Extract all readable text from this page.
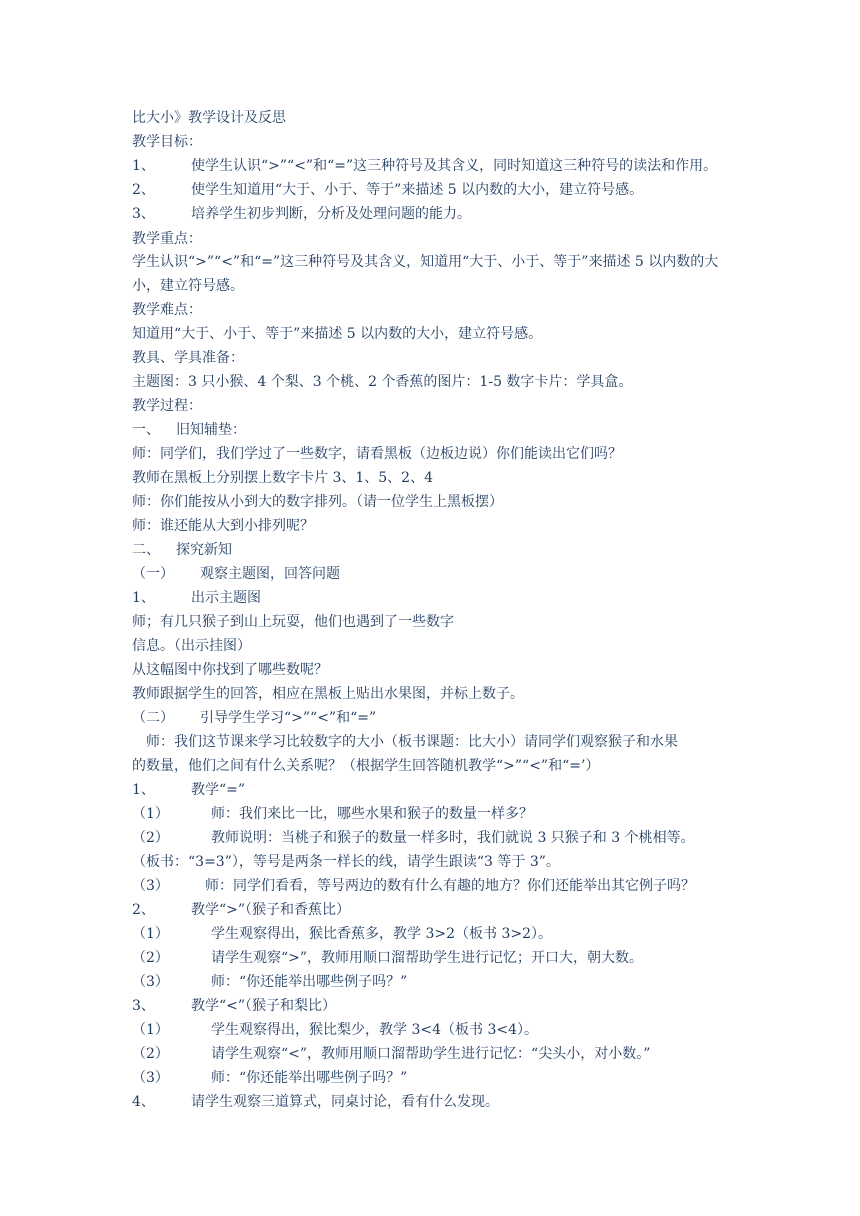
比大小》教学设计及反思
教学目标：
1、	使学生认识“>”“<”和“=”这三种符号及其含义，同时知道这三种符号的读法和作用。
2、	使学生知道用“大于、小于、等于”来描述 5 以内数的大小，建立符号感。
3、	培养学生初步判断，分析及处理问题的能力。
教学重点：
学生认识“>”“<”和“=”这三种符号及其含义，知道用“大于、小于、等于”来描述 5 以内数的大
小，建立符号感。
教学难点：
知道用“大于、小于、等于”来描述 5 以内数的大小，建立符号感。
教具、学具准备：
主题图：3 只小猴、4 个梨、3 个桃、2 个香蕉的图片：1-5 数字卡片：学具盒。
教学过程：
一、 旧知辅垫：
师：同学们，我们学过了一些数字，请看黑板（边板边说）你们能读出它们吗？
教师在黑板上分别摆上数字卡片 3、1、5、2、4
师：你们能按从小到大的数字排列。（请一位学生上黑板摆）
师：谁还能从大到小排列呢？
二、 探究新知
（一） 观察主题图，回答问题
1、	出示主题图
师；有几只猴子到山上玩耍，他们也遇到了一些数字
信息。（出示挂图）
从这幅图中你找到了哪些数呢？
教师跟据学生的回答，相应在黑板上贴出水果图，并标上数子。
（二） 引导学生学习“>”“<”和“=”
师：我们这节课来学习比较数字的大小（板书课题：比大小）请同学们观察猴子和水果
的数量，他们之间有什么关系呢？（根据学生回答随机教学“>”“<”和“=’）
1、	教学“=”
（1）	师：我们来比一比，哪些水果和猴子的数量一样多？
（2）	教师说明：当桃子和猴子的数量一样多时，我们就说 3 只猴子和 3 个桃相等。
（板书：“3=3”），等号是两条一样长的线，请学生跟读“3 等于 3”。
（3）	师：同学们看看，等号两边的数有什么有趣的地方？你们还能举出其它例子吗？
2、	教学“>”（猴子和香蕉比）
（1）	学生观察得出，猴比香蕉多，教学 3>2（板书 3>2）。
（2）	请学生观察“>”，教师用顺口溜帮助学生进行记忆；开口大，朝大数。
（3）	师：“你还能举出哪些例子吗？”
3、	教学“<”（猴子和梨比）
（1）	学生观察得出，猴比梨少，教学 3<4（板书 3<4）。
（2）	请学生观察“<”，教师用顺口溜帮助学生进行记忆：“尖头小，对小数。”
（3）	师：“你还能举出哪些例子吗？”
4、	请学生观察三道算式，同桌讨论，看有什么发现。
